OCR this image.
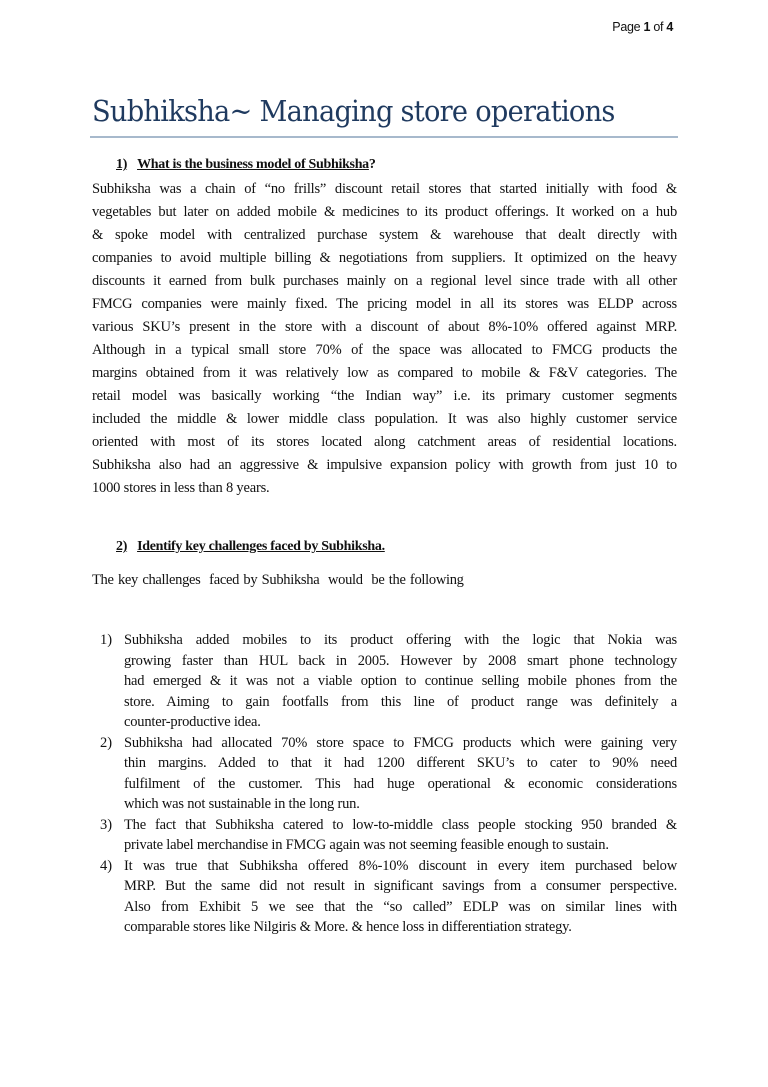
Page 1 of 4
Subhiksha~ Managing store operations
1) What is the business model of Subhiksha?
Subhiksha was a chain of “no frills” discount retail stores that started initially with food &
vegetables but later on added mobile & medicines to its product offerings. It worked on a hub
& spoke model with centralized purchase system & warehouse that dealt directly with
companies to avoid multiple billing & negotiations from suppliers. It optimized on the heavy
discounts it earned from bulk purchases mainly on a regional level since trade with all other
FMCG companies were mainly fixed. The pricing model in all its stores was ELDP across
various SKU’s present in the store with a discount of about 8%-10% offered against MRP.
Although in a typical small store 70% of the space was allocated to FMCG products the
margins obtained from it was relatively low as compared to mobile & F&V categories. The
retail model was basically working “the Indian way” i.e. its primary customer segments
included the middle & lower middle class population. It was also highly customer service
oriented with most of its stores located along catchment areas of residential locations.
Subhiksha also had an aggressive & impulsive expansion policy with growth from just 10 to
1000 stores in less than 8 years.
2) Identify key challenges faced by Subhiksha.
The key challenges  faced by Subhiksha  would  be the following
1) Subhiksha added mobiles to its product offering with the logic that Nokia was
growing faster than HUL back in 2005. However by 2008 smart phone technology
had emerged & it was not a viable option to continue selling mobile phones from the
store. Aiming to gain footfalls from this line of product range was definitely a
counter-productive idea.
2) Subhiksha had allocated 70% store space to FMCG products which were gaining very
thin margins. Added to that it had 1200 different SKU’s to cater to 90% need
fulfilment of the customer. This had huge operational & economic considerations
which was not sustainable in the long run.
3) The fact that Subhiksha catered to low-to-middle class people stocking 950 branded &
private label merchandise in FMCG again was not seeming feasible enough to sustain.
4) It was true that Subhiksha offered 8%-10% discount in every item purchased below
MRP. But the same did not result in significant savings from a consumer perspective.
Also from Exhibit 5 we see that the “so called” EDLP was on similar lines with
comparable stores like Nilgiris & More. & hence loss in differentiation strategy.
